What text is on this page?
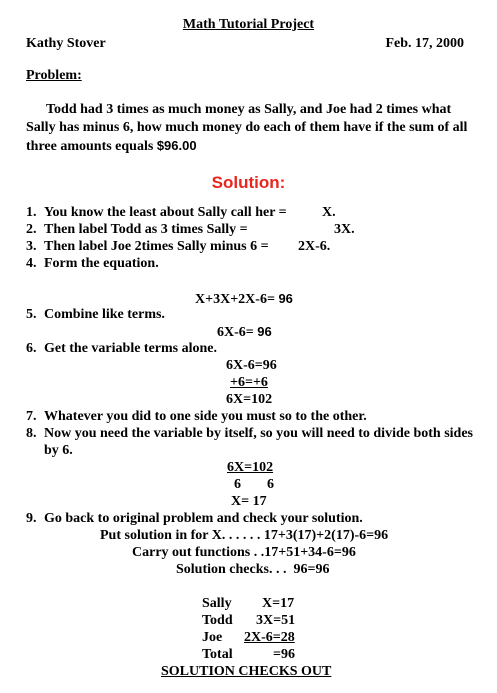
Math Tutorial Project
Kathy Stover	Feb. 17, 2000
Problem:
Todd had 3 times as much money as Sally, and Joe had 2 times what Sally has minus 6, how much money do each of them have if the sum of all three amounts equals $96.00
Solution:
1. You know the least about Sally call her =	X.
2. Then label Todd as 3 times Sally =	3X.
3. Then label Joe 2times Sally minus 6 = 2X-6.
4. Form the equation.
X+3X+2X-6= 96
5. Combine like terms.
6X-6= 96
6. Get the variable terms alone.
6X-6=96
+6=+6
6X=102
7. Whatever you did to one side you must so to the other.
8. Now you need the variable by itself, so you will need to divide both sides by 6.
6X=102
6 6

X= 17
9. Go back to original problem and check your solution.
Put solution in for X. . . . . . 17+3(17)+2(17)-6=96
Carry out functions . .17+51+34-6=96
Solution checks. . .  96=96
Sally X=17
Todd 3X=51
Joe 2X-6=28
Total	=96
SOLUTION CHECKS OUT
